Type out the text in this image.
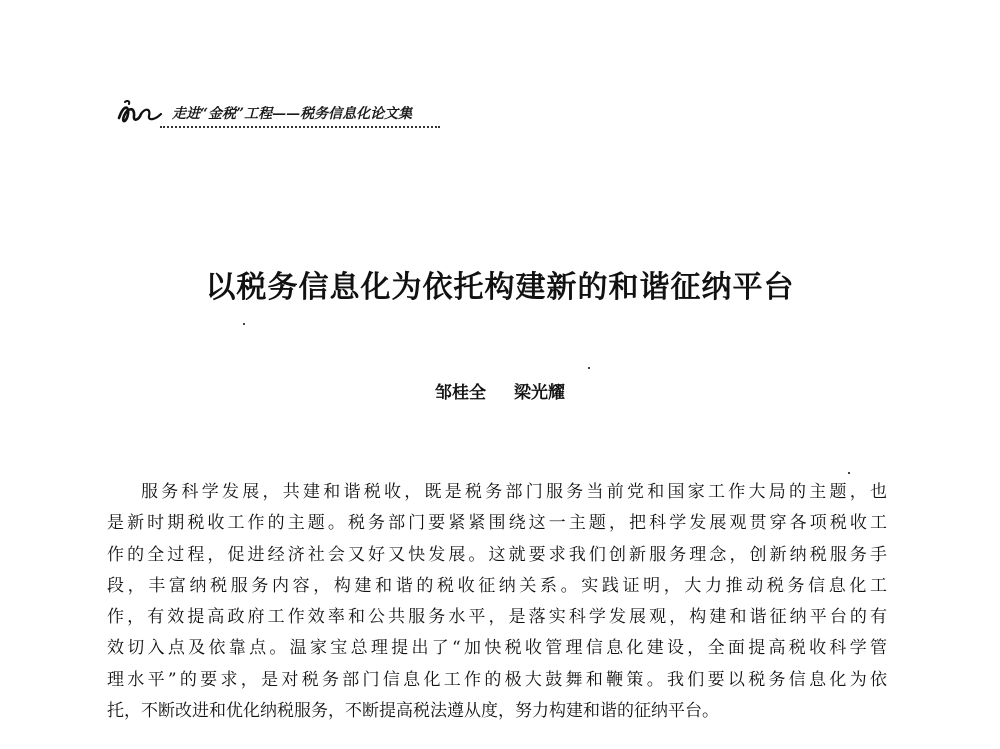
走进“金税”工程——税务信息化论文集
以税务信息化为依托构建新的和谐征纳平台
邹桂全 梁光耀
服务科学发展，共建和谐税收，既是税务部门服务当前党和国家工作大局的主题，也
是新时期税收工作的主题。税务部门要紧紧围绕这一主题，把科学发展观贯穿各项税收工
作的全过程，促进经济社会又好又快发展。这就要求我们创新服务理念，创新纳税服务手
段，丰富纳税服务内容，构建和谐的税收征纳关系。实践证明，大力推动税务信息化工
作，有效提高政府工作效率和公共服务水平，是落实科学发展观，构建和谐征纳平台的有
效切入点及依靠点。温家宝总理提出了“加快税收管理信息化建设，全面提高税收科学管
理水平”的要求，是对税务部门信息化工作的极大鼓舞和鞭策。我们要以税务信息化为依
托，不断改进和优化纳税服务，不断提高税法遵从度，努力构建和谐的征纳平台。
